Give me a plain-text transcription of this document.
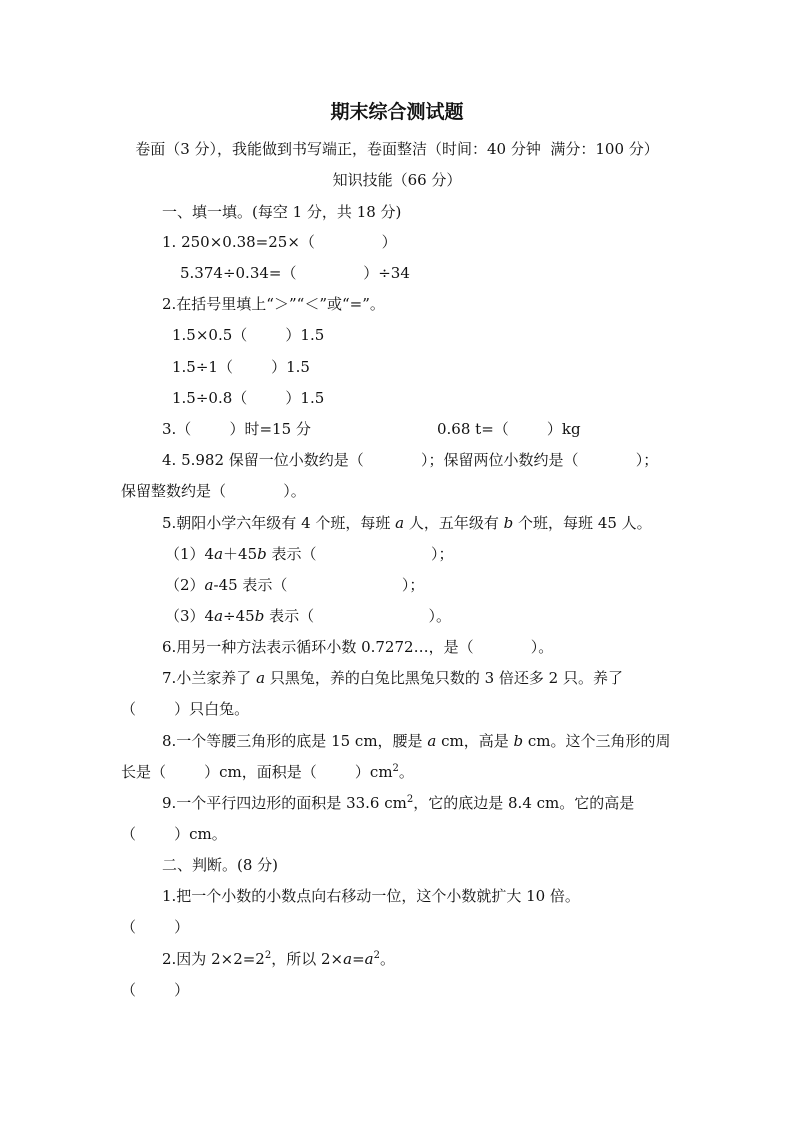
期末综合测试题
卷面（3 分），我能做到书写端正，卷面整洁（时间：40 分钟  满分：100 分）
知识技能（66 分）
一、填一填。(每空 1 分，共 18 分)
1. 250×0.38=25×（              ）
5.374÷0.34=（              ）÷34
2.在括号里填上“＞”“＜”或“=”。
1.5×0.5（        ）1.5
1.5÷1（        ）1.5
1.5÷0.8（        ）1.5
3.（        ）时=15 分	0.68 t=（        ）kg
4. 5.982 保留一位小数约是（            ）；保留两位小数约是（            ）；
保留整数约是（            ）。
5.朝阳小学六年级有 4 个班，每班 a 人，五年级有 b 个班，每班 45 人。
（1）4a＋45b 表示（                        ）；
（2）a-45 表示（                        ）；
（3）4a÷45b 表示（                        ）。
6.用另一种方法表示循环小数 0.7272…，是（            ）。
7.小兰家养了 a 只黑兔，养的白兔比黑兔只数的 3 倍还多 2 只。养了
（        ）只白兔。
8.一个等腰三角形的底是 15 cm，腰是 a cm，高是 b cm。这个三角形的周
长是（        ）cm，面积是（        ）$cm^2$。
9.一个平行四边形的面积是 33.6 $cm^2$，它的底边是 8.4 cm。它的高是
（        ）cm。
二、判断。(8 分)
1.把一个小数的小数点向右移动一位，这个小数就扩大 10 倍。
（        ）
2.因为 $2\times 2=2^2$，所以 $2\times a=a^2$。
（        ）
